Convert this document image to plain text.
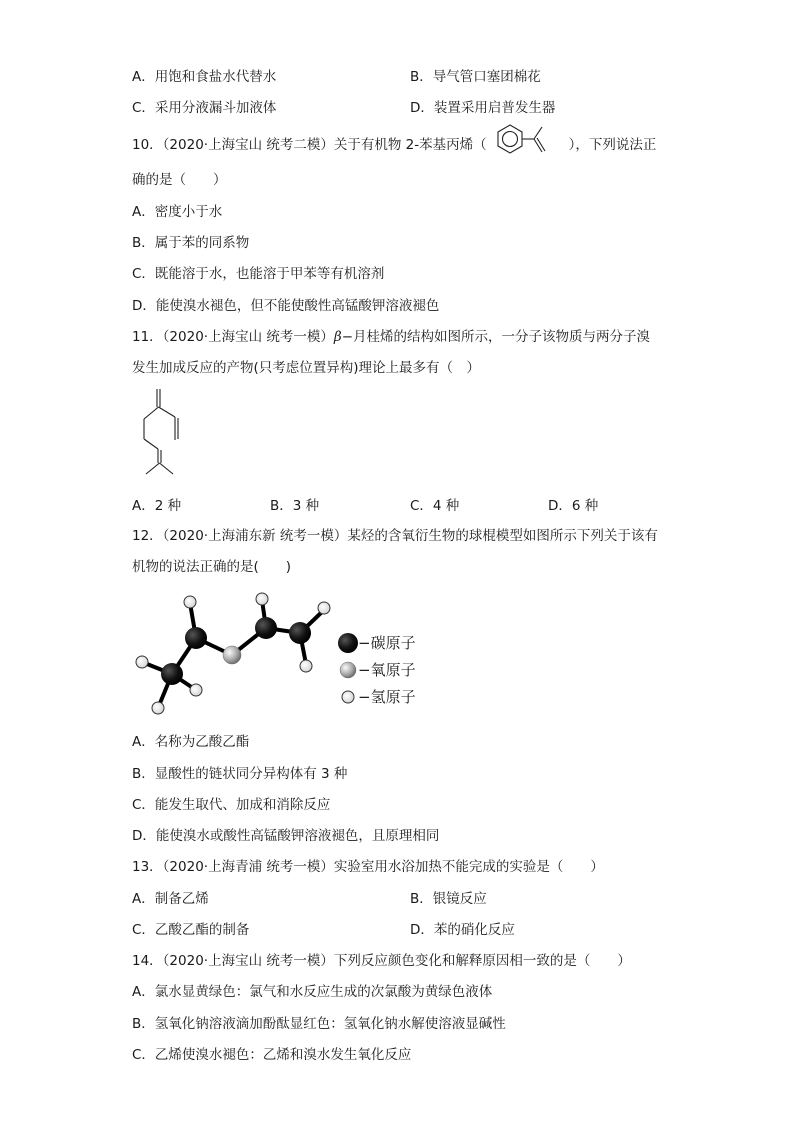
A．用饱和食盐水代替水	B．导气管口塞团棉花
C．采用分液漏斗加液体	D．装置采用启普发生器
10．（2020·上海宝山 统考二模）关于有机物 2-苯基丙烯（	），下列说法正
确的是（　　）
A．密度小于水
B．属于苯的同系物
C．既能溶于水，也能溶于甲苯等有机溶剂
D．能使溴水褪色，但不能使酸性高锰酸钾溶液褪色
11．（2020·上海宝山 统考一模）β−月桂烯的结构如图所示，一分子该物质与两分子溴
发生加成反应的产物(只考虑位置异构)理论上最多有（　）
A．2 种	B．3 种	C．4 种	D．6 种
12．（2020·上海浦东新 统考一模）某烃的含氧衍生物的球棍模型如图所示下列关于该有
机物的说法正确的是(　　)
−碳原子
−氧原子
−氢原子
A．名称为乙酸乙酯
B．显酸性的链状同分异构体有 3 种
C．能发生取代、加成和消除反应
D．能使溴水或酸性高锰酸钾溶液褪色，且原理相同
13．（2020·上海青浦 统考一模）实验室用水浴加热不能完成的实验是（　　）
A．制备乙烯	B．银镜反应
C．乙酸乙酯的制备	D．苯的硝化反应
14．（2020·上海宝山 统考一模）下列反应颜色变化和解释原因相一致的是（　　）
A．氯水显黄绿色：氯气和水反应生成的次氯酸为黄绿色液体
B．氢氧化钠溶液滴加酚酞显红色：氢氧化钠水解使溶液显碱性
C．乙烯使溴水褪色：乙烯和溴水发生氧化反应
